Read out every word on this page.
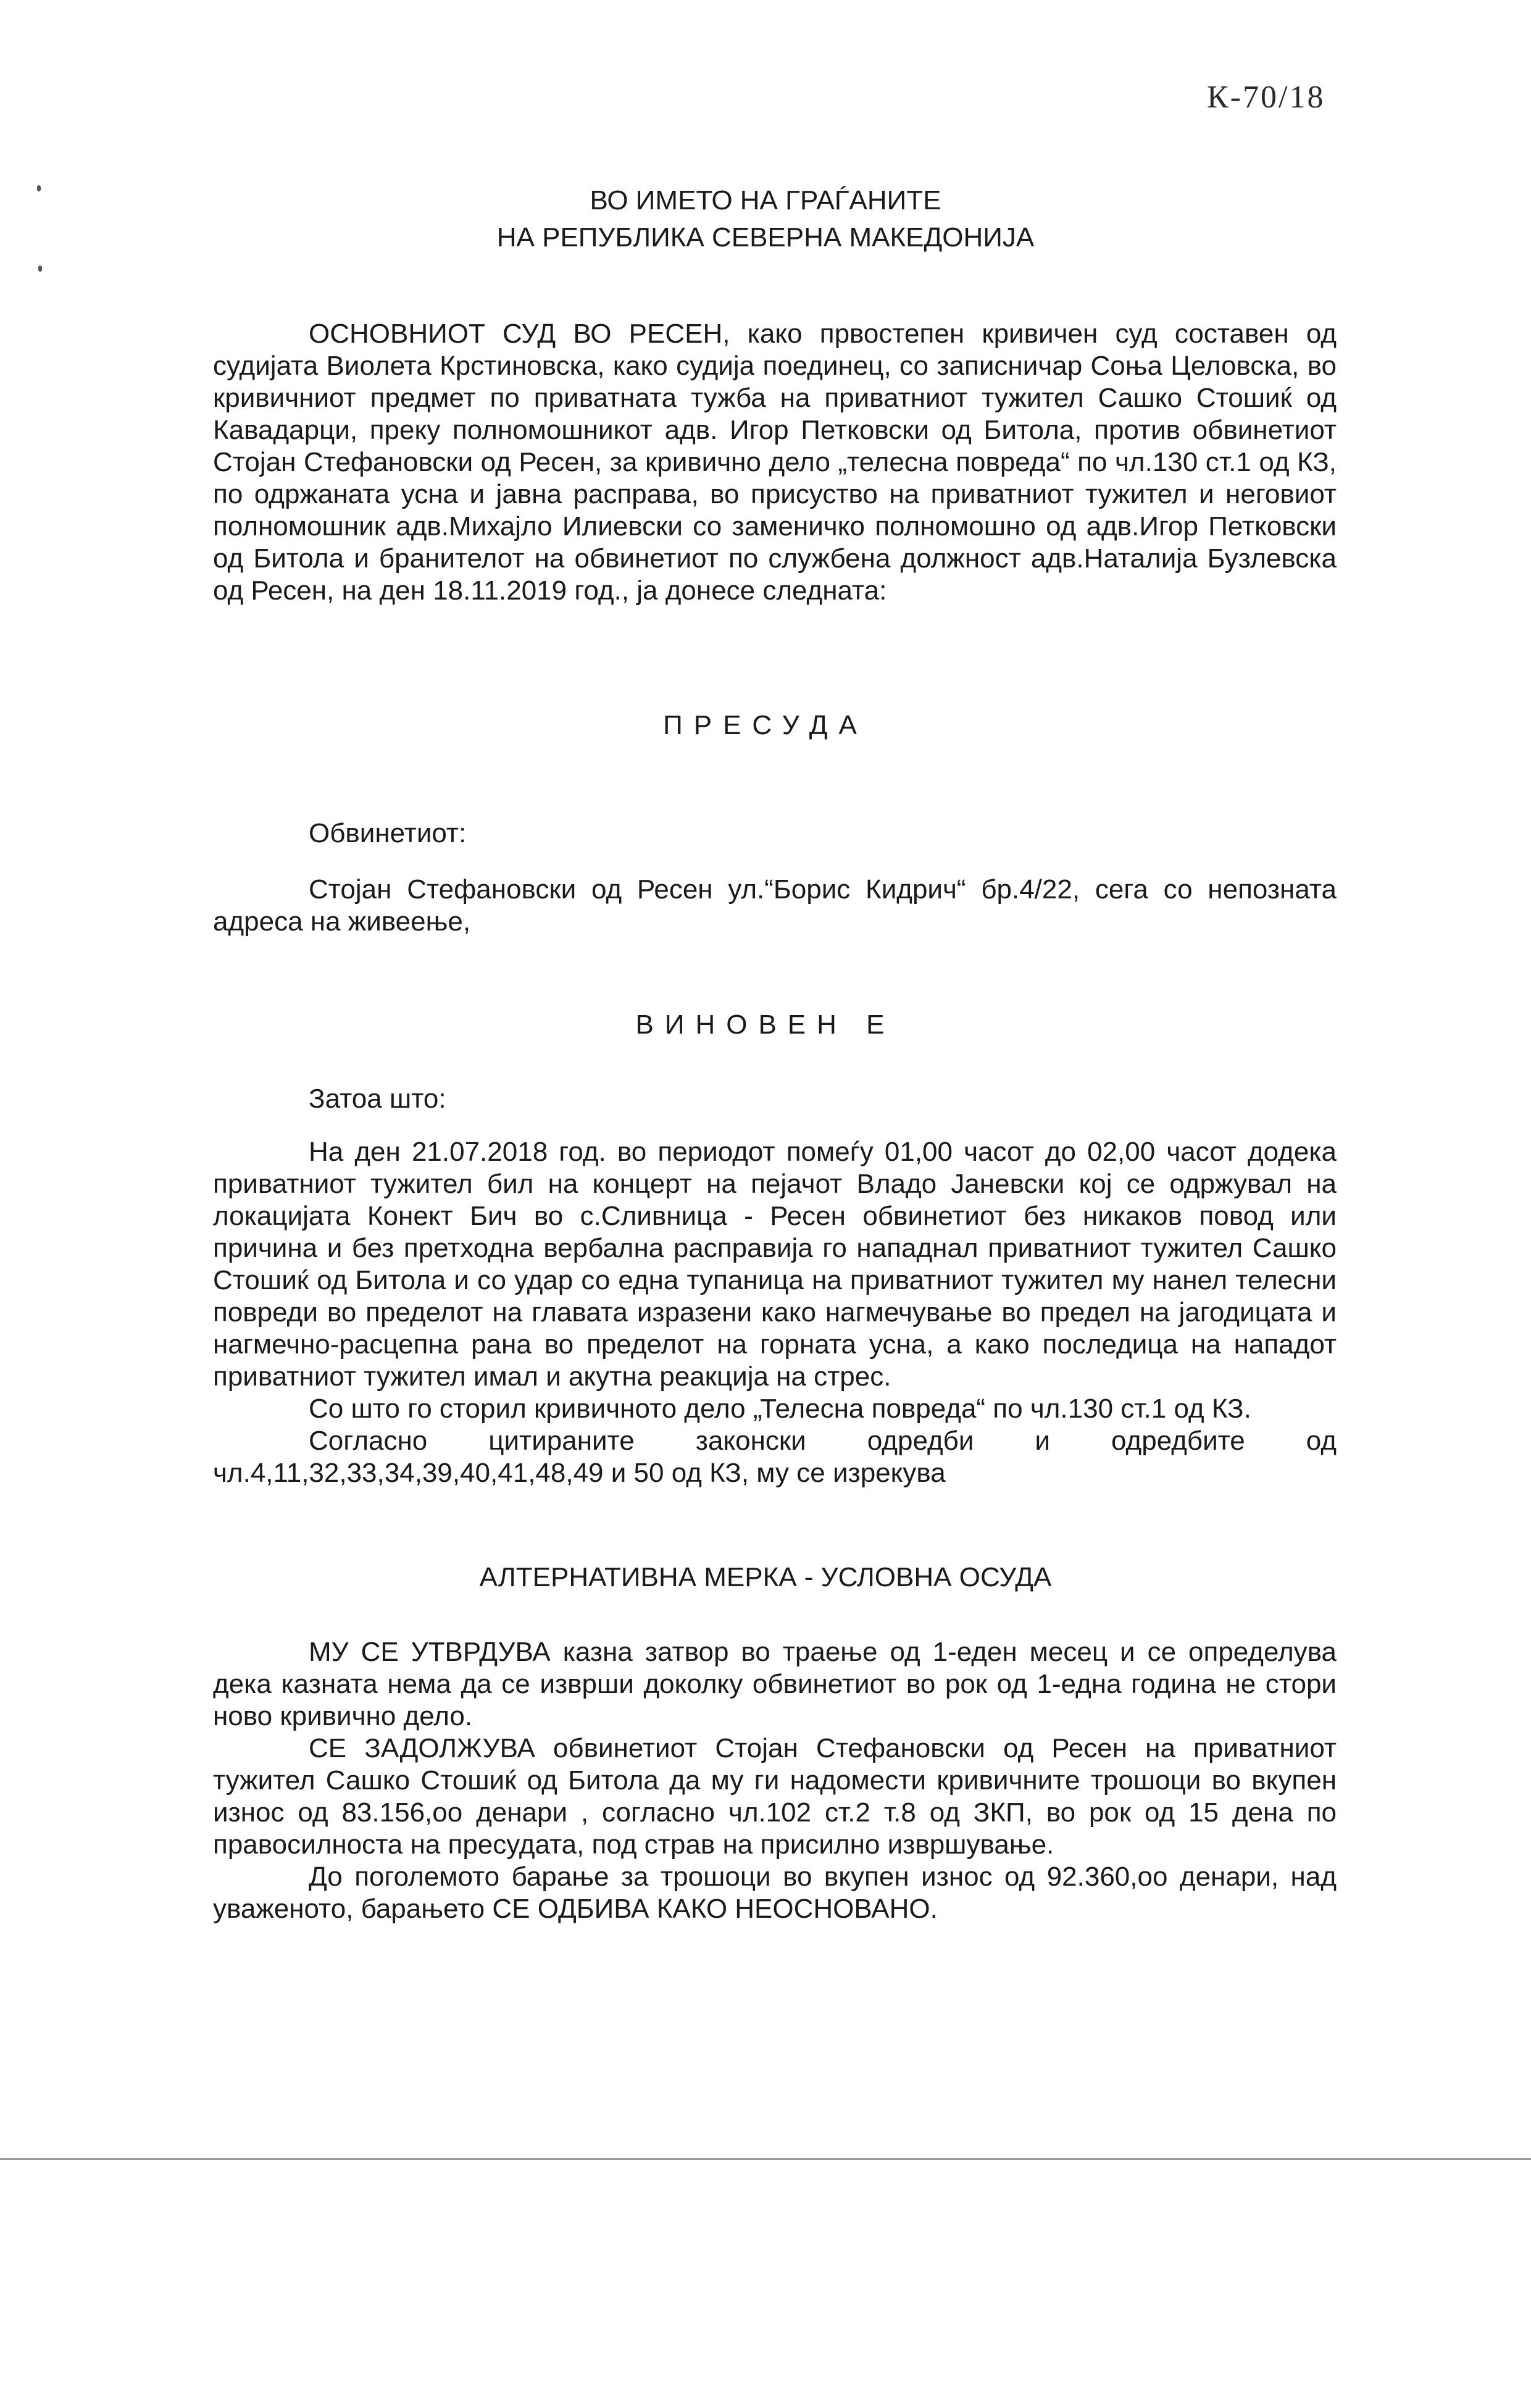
К-70/18
ВО ИМЕТО НА ГРАЃАНИТЕ
НА РЕПУБЛИКА СЕВЕРНА МАКЕДОНИЈА

ОСНОВНИОТ СУД ВО РЕСЕН, како првостепен кривичен суд составен од судијата Виолета Крстиновска, како судија поединец, со записничар Соња Целовска, во кривичниот предмет по приватната тужба на приватниот тужител Сашко Стошиќ од Кавадарци, преку полномошникот адв. Игор Петковски од Битола, против обвинетиот Стојан Стефановски од Ресен, за кривично дело „телесна повреда“ по чл.130 ст.1 од КЗ, по одржаната усна и јавна расправа, во присуство на приватниот тужител и неговиот полномошник адв.Михајло Илиевски со заменичко полномошно од адв.Игор Петковски од Битола и бранителот на обвинетиот по службена должност адв.Наталија Бузлевска од Ресен, на ден 18.11.2019 год., ја донесе следната:

ПРЕСУДА
Обвинетиот:

Стојан Стефановски од Ресен ул.“Борис Кидрич“ бр.4/22, сега со непозната адреса на живеење,

ВИНОВЕН Е
Затоа што:

На ден 21.07.2018 год. во периодот помеѓу 01,00 часот до 02,00 часот додека приватниот тужител бил на концерт на пејачот Владо Јаневски кој се одржувал на локацијата Конект Бич во с.Сливница - Ресен обвинетиот без никаков повод или причина и без претходна вербална расправија го нападнал приватниот тужител Сашко Стошиќ од Битола и со удар со една тупаница на приватниот тужител му нанел телесни повреди во пределот на главата изразени како нагмечување во предел на јагодицата и нагмечно-расцепна рана во пределот на горната усна, а како последица на нападот приватниот тужител имал и акутна реакција на стрес.

Со што го сторил кривичното дело „Телесна повреда“ по чл.130 ст.1 од КЗ.

Согласно цитираните законски одредби и одредбите од чл.4,11,32,33,34,39,40,41,48,49 и 50 од КЗ, му се изрекува

АЛТЕРНАТИВНА МЕРКА - УСЛОВНА ОСУДА

МУ СЕ УТВРДУВА казна затвор во траење од 1-еден месец и се определува дека казната нема да се изврши доколку обвинетиот во рок од 1-една година не стори ново кривично дело.

СЕ ЗАДОЛЖУВА обвинетиот Стојан Стефановски од Ресен на приватниот тужител Сашко Стошиќ од Битола да му ги надомести кривичните трошоци во вкупен износ од 83.156,оо денари , согласно чл.102 ст.2 т.8 од ЗКП, во рок од 15 дена по правосилноста на пресудата, под страв на присилно извршување.

До поголемото барање за трошоци во вкупен износ од 92.360,оо денари, над уваженото, барањето СЕ ОДБИВА КАКО НЕОСНОВАНО.
